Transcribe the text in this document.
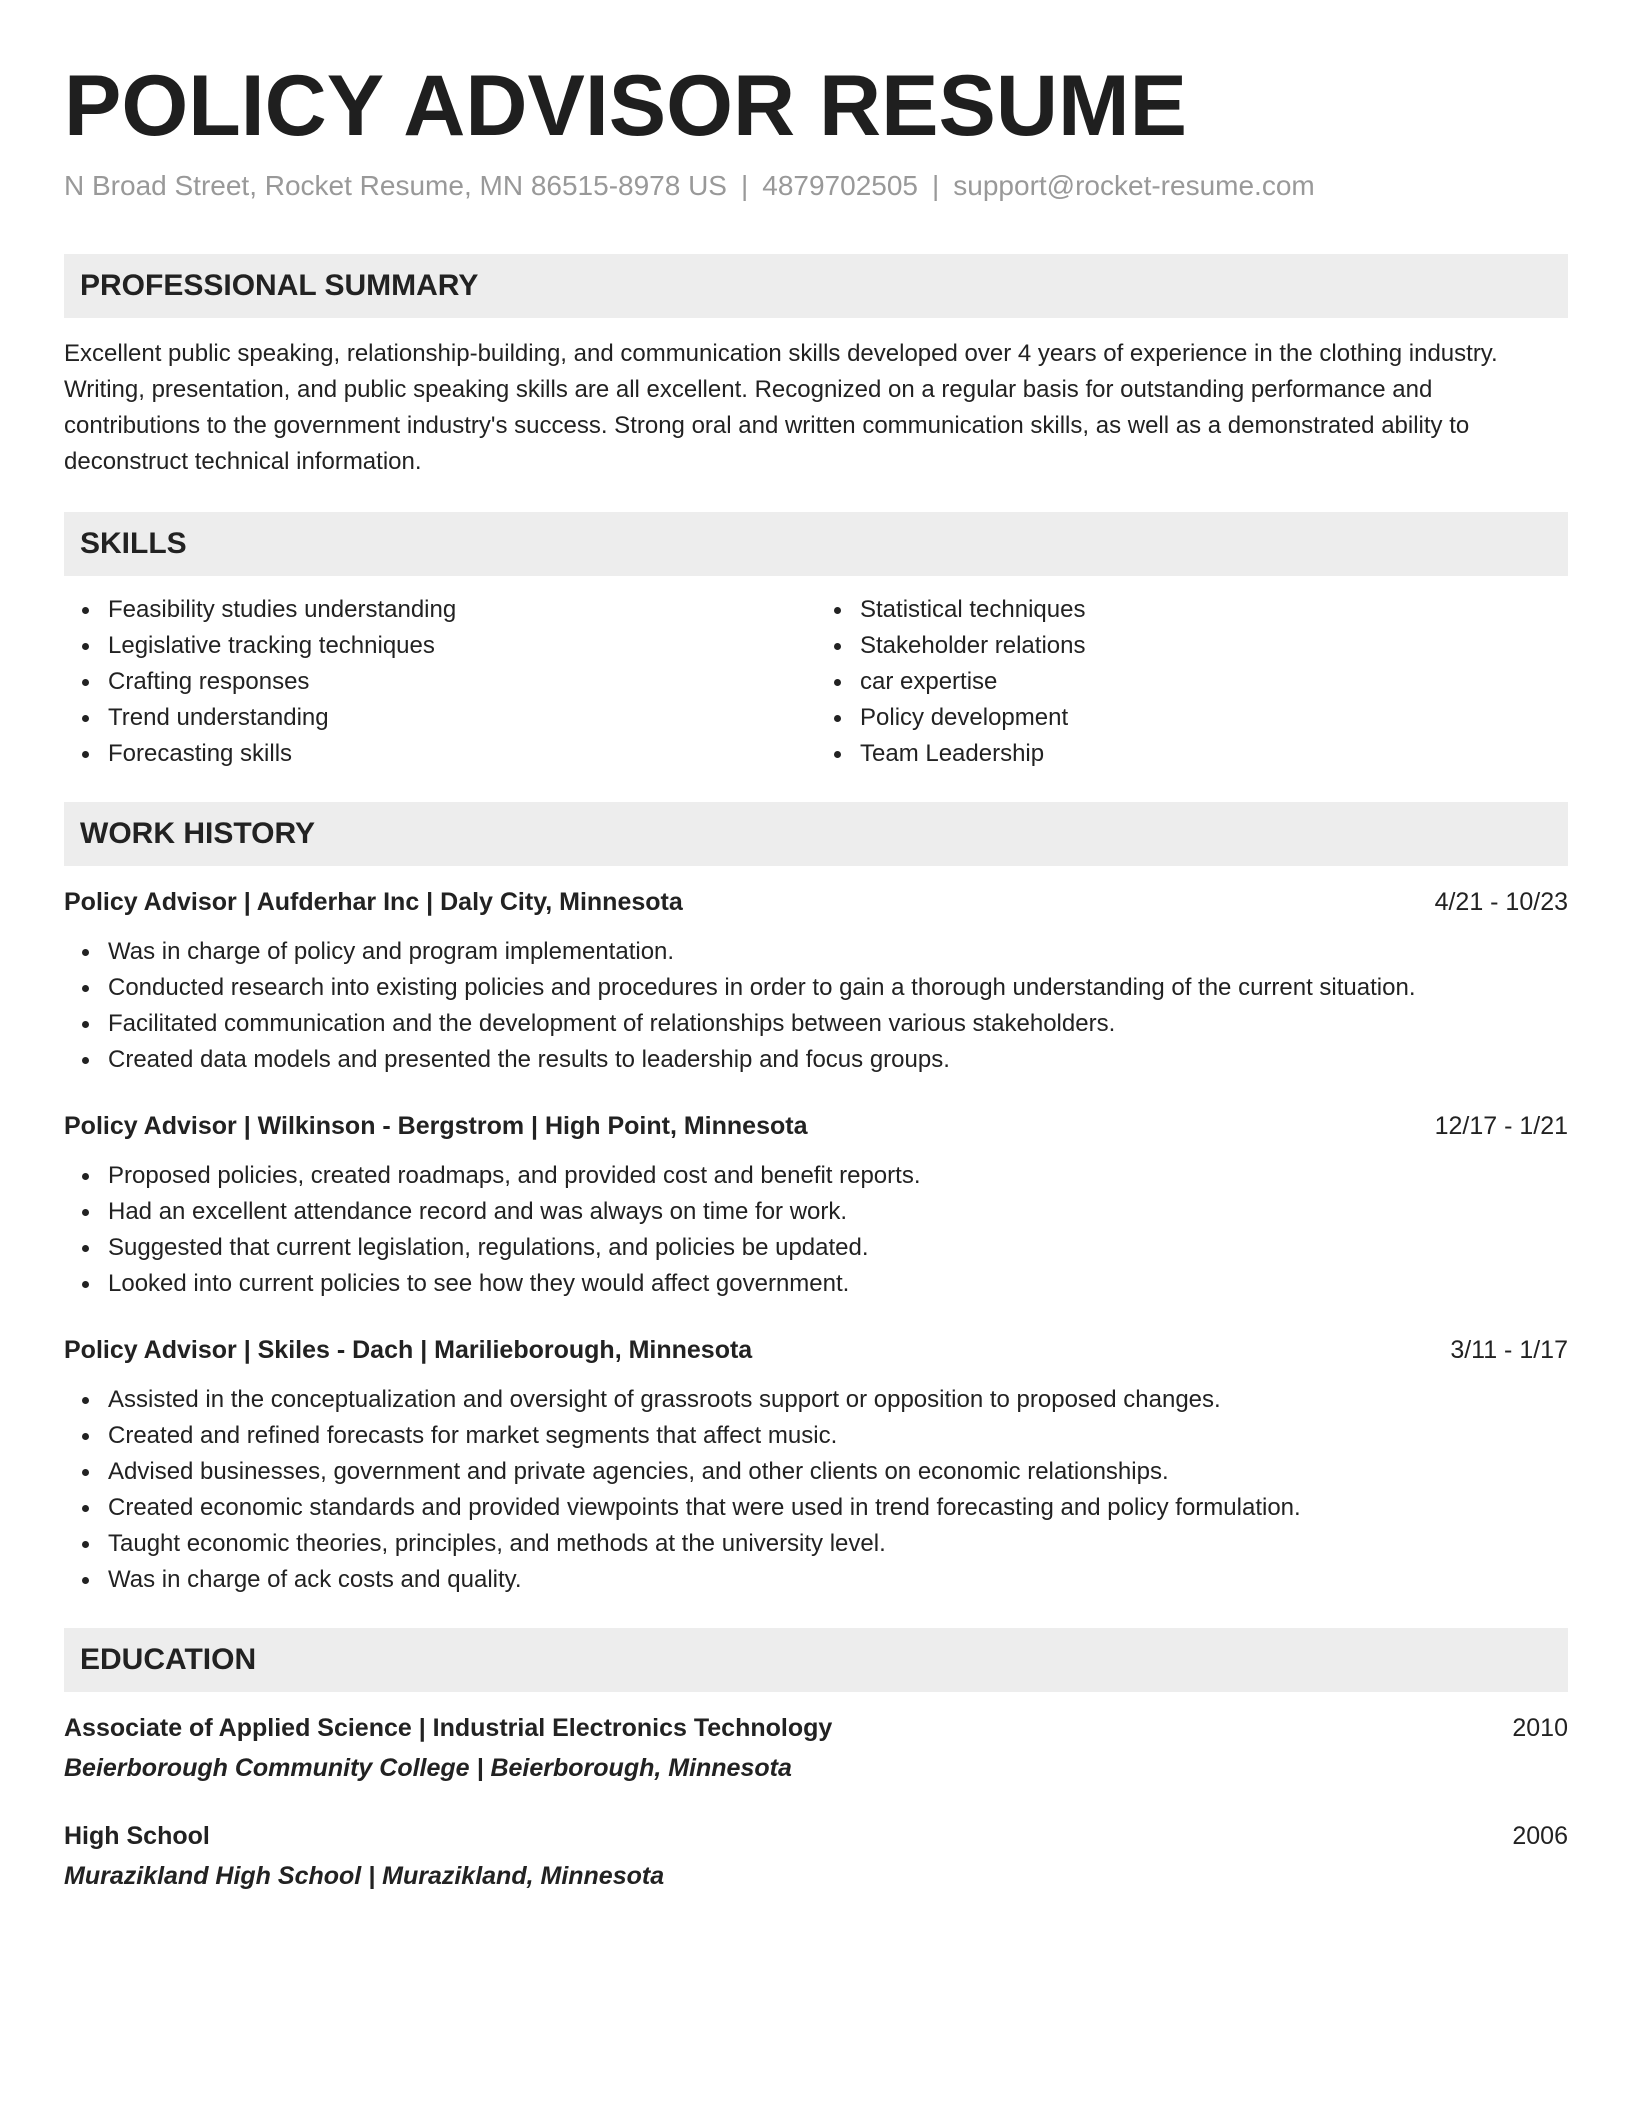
POLICY ADVISOR RESUME
N Broad Street, Rocket Resume, MN 86515-8978 US | 4879702505 | support@rocket-resume.com
PROFESSIONAL SUMMARY

Excellent public speaking, relationship-building, and communication skills developed over 4 years of experience in the clothing industry. Writing, presentation, and public speaking skills are all excellent. Recognized on a regular basis for outstanding performance and contributions to the government industry's success. Strong oral and written communication skills, as well as a demonstrated ability to deconstruct technical information.

SKILLS
Feasibility studies understanding
Legislative tracking techniques
Crafting responses
Trend understanding
Forecasting skills
Statistical techniques
Stakeholder relations
car expertise
Policy development
Team Leadership
WORK HISTORY
Policy Advisor | Aufderhar Inc | Daly City, Minnesota	4/21 - 10/23
Was in charge of policy and program implementation.
Conducted research into existing policies and procedures in order to gain a thorough understanding of the current situation.
Facilitated communication and the development of relationships between various stakeholders.
Created data models and presented the results to leadership and focus groups.
Policy Advisor | Wilkinson - Bergstrom | High Point, Minnesota	12/17 - 1/21
Proposed policies, created roadmaps, and provided cost and benefit reports.
Had an excellent attendance record and was always on time for work.
Suggested that current legislation, regulations, and policies be updated.
Looked into current policies to see how they would affect government.
Policy Advisor | Skiles - Dach | Marilieborough, Minnesota	3/11 - 1/17
Assisted in the conceptualization and oversight of grassroots support or opposition to proposed changes.
Created and refined forecasts for market segments that affect music.
Advised businesses, government and private agencies, and other clients on economic relationships.
Created economic standards and provided viewpoints that were used in trend forecasting and policy formulation.
Taught economic theories, principles, and methods at the university level.
Was in charge of ack costs and quality.
EDUCATION
Associate of Applied Science | Industrial Electronics Technology	2010
Beierborough Community College | Beierborough, Minnesota
High School	2006
Murazikland High School | Murazikland, Minnesota
